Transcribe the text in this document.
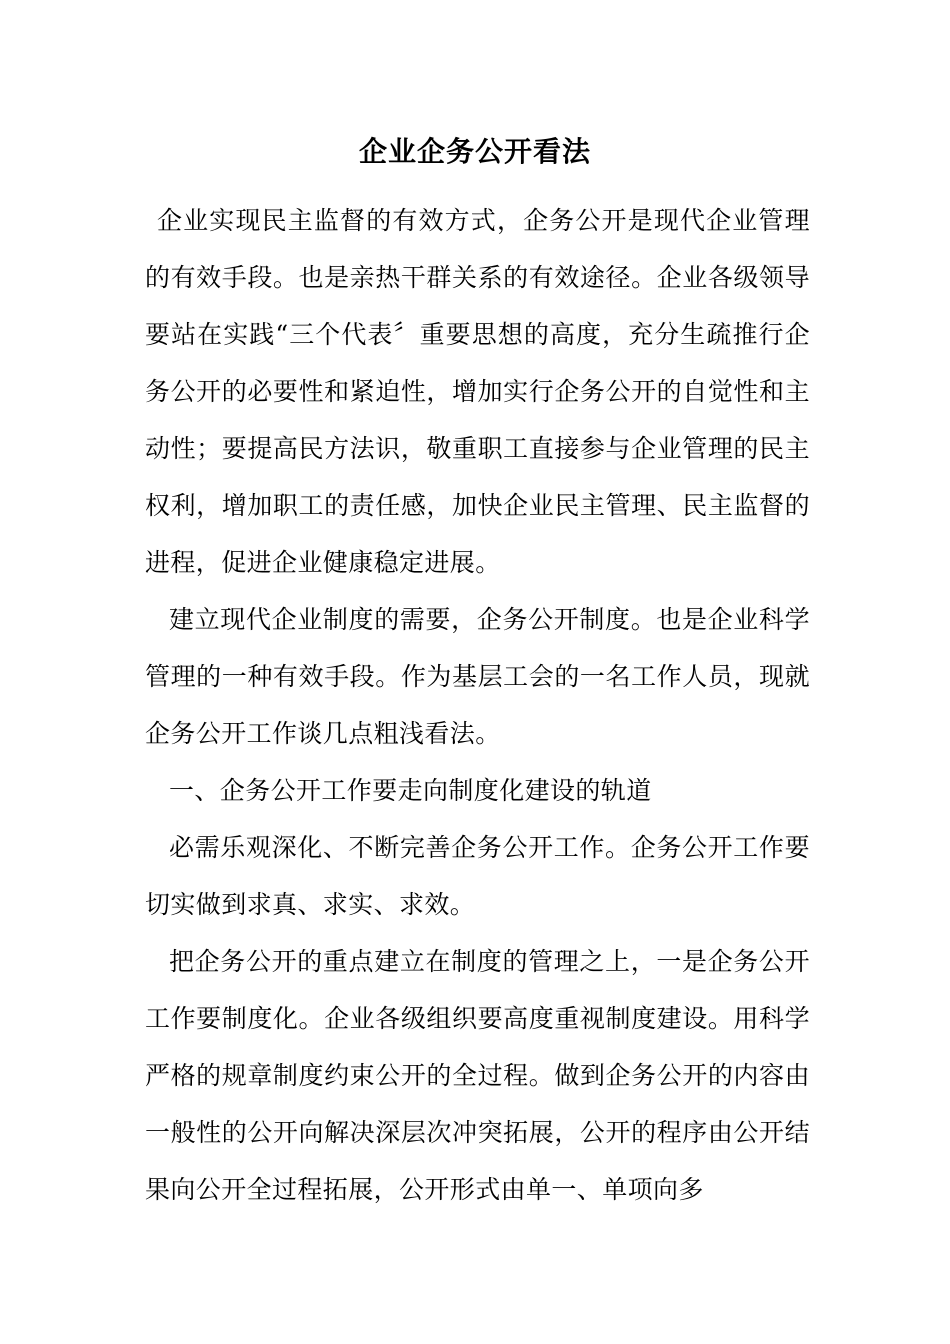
企业企务公开看法

企业实现民主监督的有效方式，企务公开是现代企业管理的有效手段。也是亲热干群关系的有效途径。企业各级领导要站在实践“三个代表〞重要思想的高度，充分生疏推行企务公开的必要性和紧迫性，增加实行企务公开的自觉性和主动性；要提高民方法识，敬重职工直接参与企业管理的民主权利，增加职工的责任感，加快企业民主管理、民主监督的进程，促进企业健康稳定进展。

建立现代企业制度的需要，企务公开制度。也是企业科学管理的一种有效手段。作为基层工会的一名工作人员，现就企务公开工作谈几点粗浅看法。

一、企务公开工作要走向制度化建设的轨道

必需乐观深化、不断完善企务公开工作。企务公开工作要切实做到求真、求实、求效。

把企务公开的重点建立在制度的管理之上，一是企务公开工作要制度化。企业各级组织要高度重视制度建设。用科学严格的规章制度约束公开的全过程。做到企务公开的内容由一般性的公开向解决深层次冲突拓展，公开的程序由公开结果向公开全过程拓展，公开形式由单一、单项向多
